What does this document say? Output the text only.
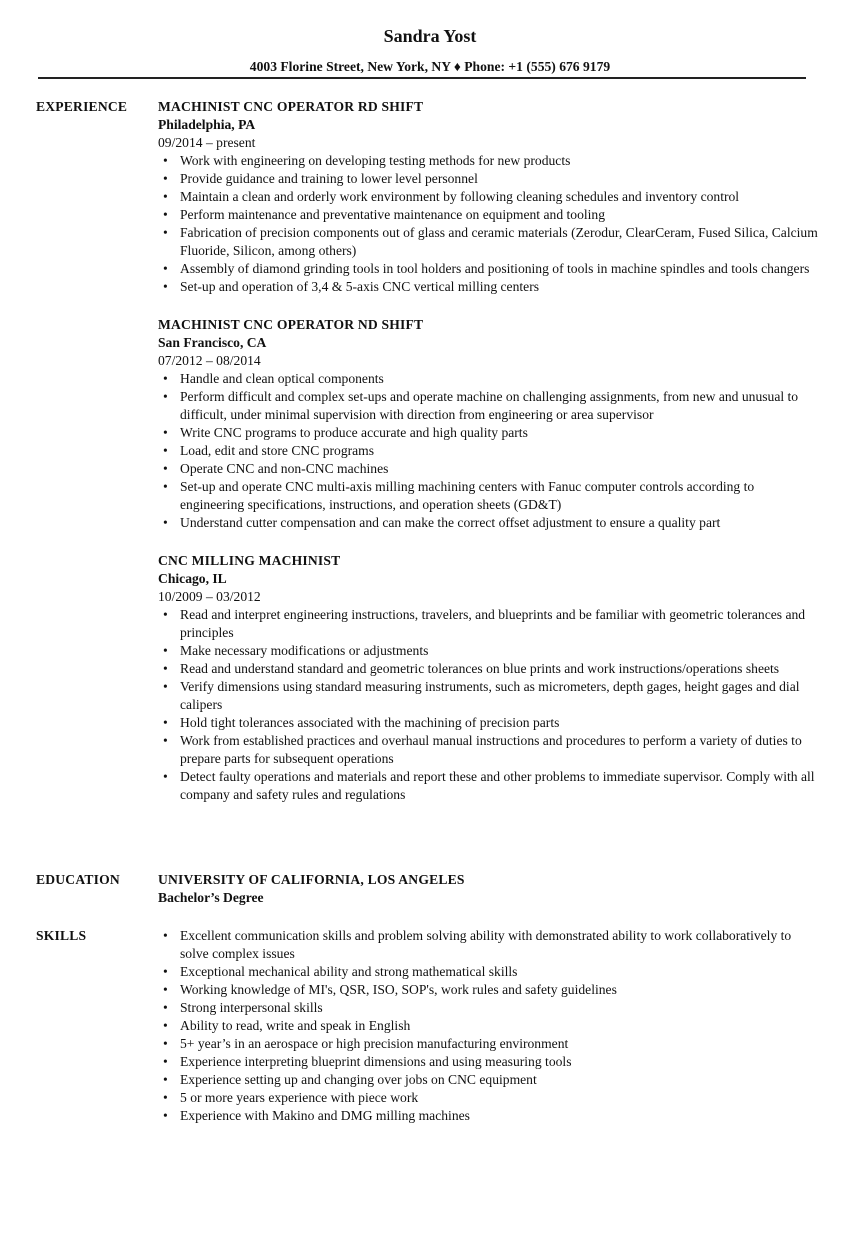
Sandra Yost
4003 Florine Street, New York, NY ♦ Phone: +1 (555) 676 9179
EXPERIENCE	MACHINIST CNC OPERATOR RD SHIFT
Philadelphia, PA
09/2014 – present
• Work with engineering on developing testing methods for new products
• Provide guidance and training to lower level personnel
• Maintain a clean and orderly work environment by following cleaning schedules and inventory control
• Perform maintenance and preventative maintenance on equipment and tooling
• Fabrication of precision components out of glass and ceramic materials (Zerodur, ClearCeram, Fused Silica, Calcium Fluoride, Silicon, among others)
• Assembly of diamond grinding tools in tool holders and positioning of tools in machine spindles and tools changers
• Set-up and operation of 3,4 & 5-axis CNC vertical milling centers
MACHINIST CNC OPERATOR ND SHIFT
San Francisco, CA
07/2012 – 08/2014
• Handle and clean optical components
• Perform difficult and complex set-ups and operate machine on challenging assignments, from new and unusual to difficult, under minimal supervision with direction from engineering or area supervisor
• Write CNC programs to produce accurate and high quality parts
• Load, edit and store CNC programs
• Operate CNC and non-CNC machines
• Set-up and operate CNC multi-axis milling machining centers with Fanuc computer controls according to engineering specifications, instructions, and operation sheets (GD&T)
• Understand cutter compensation and can make the correct offset adjustment to ensure a quality part
CNC MILLING MACHINIST
Chicago, IL
10/2009 – 03/2012
• Read and interpret engineering instructions, travelers, and blueprints and be familiar with geometric tolerances and principles
• Make necessary modifications or adjustments
• Read and understand standard and geometric tolerances on blue prints and work instructions/operations sheets
• Verify dimensions using standard measuring instruments, such as micrometers, depth gages, height gages and dial calipers
• Hold tight tolerances associated with the machining of precision parts
• Work from established practices and overhaul manual instructions and procedures to perform a variety of duties to prepare parts for subsequent operations
• Detect faulty operations and materials and report these and other problems to immediate supervisor. Comply with all company and safety rules and regulations
EDUCATION	UNIVERSITY OF CALIFORNIA, LOS ANGELES
Bachelor’s Degree
SKILLS	• Excellent communication skills and problem solving ability with demonstrated ability to work collaboratively to solve complex issues
• Exceptional mechanical ability and strong mathematical skills
• Working knowledge of MI's, QSR, ISO, SOP's, work rules and safety guidelines
• Strong interpersonal skills
• Ability to read, write and speak in English
• 5+ year’s in an aerospace or high precision manufacturing environment
• Experience interpreting blueprint dimensions and using measuring tools
• Experience setting up and changing over jobs on CNC equipment
• 5 or more years experience with piece work
• Experience with Makino and DMG milling machines
